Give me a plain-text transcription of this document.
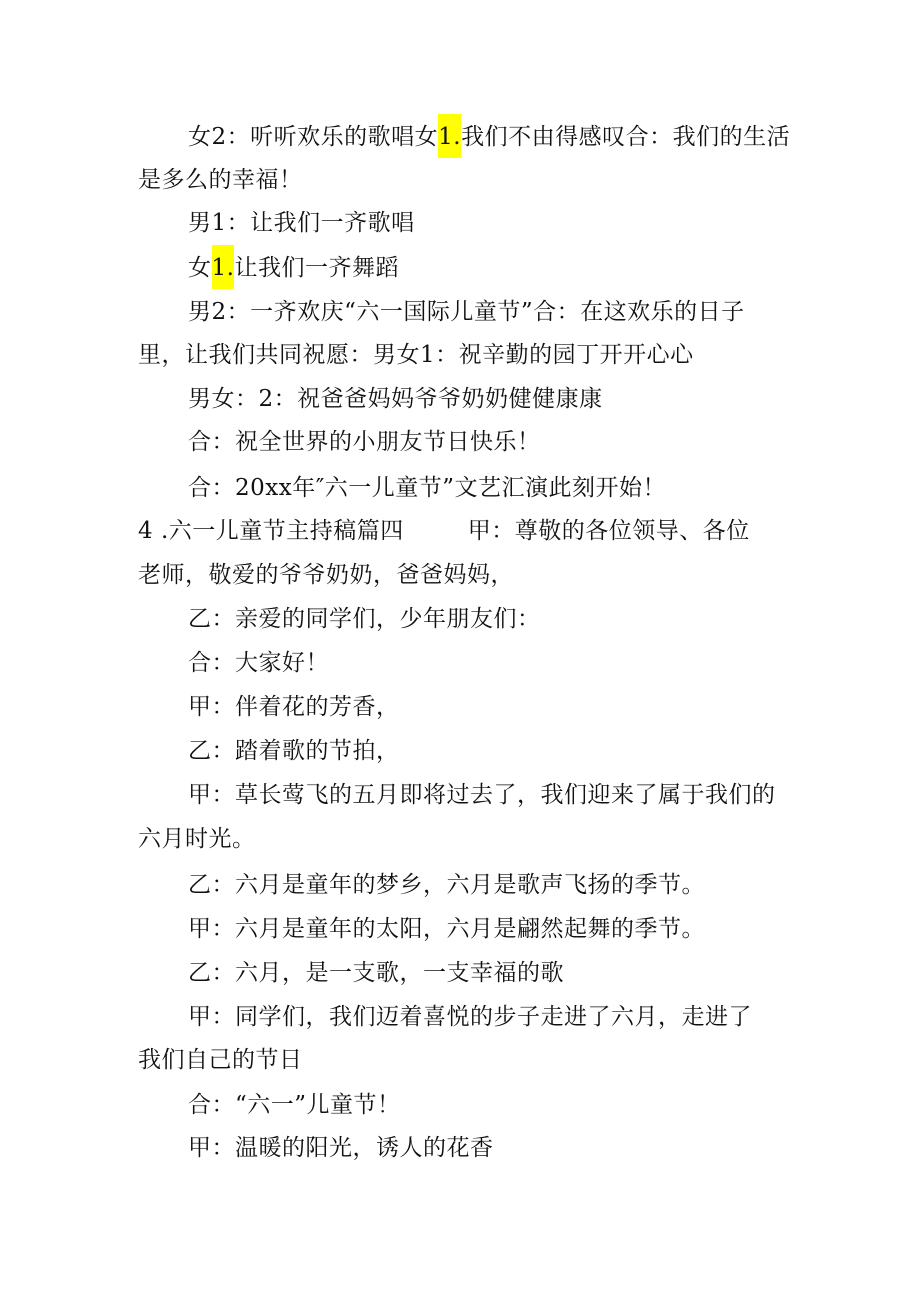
女2：听听欢乐的歌唱女1.我们不由得感叹合：我们的生活
是多么的幸福！
男1：让我们一齐歌唱
女1.让我们一齐舞蹈
男2：一齐欢庆“六一国际儿童节”合：在这欢乐的日子
里，让我们共同祝愿：男女1：祝辛勤的园丁开开心心
男女：2：祝爸爸妈妈爷爷奶奶健健康康
合：祝全世界的小朋友节日快乐！
合：20xx年″六一儿童节”文艺汇演此刻开始！
4 .六一儿童节主持稿篇四	甲：尊敬的各位领导、各位
老师，敬爱的爷爷奶奶，爸爸妈妈，
乙：亲爱的同学们，少年朋友们：
合：大家好！
甲：伴着花的芳香，
乙：踏着歌的节拍，
甲：草长莺飞的五月即将过去了，我们迎来了属于我们的
六月时光。
乙：六月是童年的梦乡，六月是歌声飞扬的季节。
甲：六月是童年的太阳，六月是翩然起舞的季节。
乙：六月，是一支歌，一支幸福的歌
甲：同学们，我们迈着喜悦的步子走进了六月，走进了
我们自己的节日
合：“六一”儿童节！
甲：温暖的阳光，诱人的花香
